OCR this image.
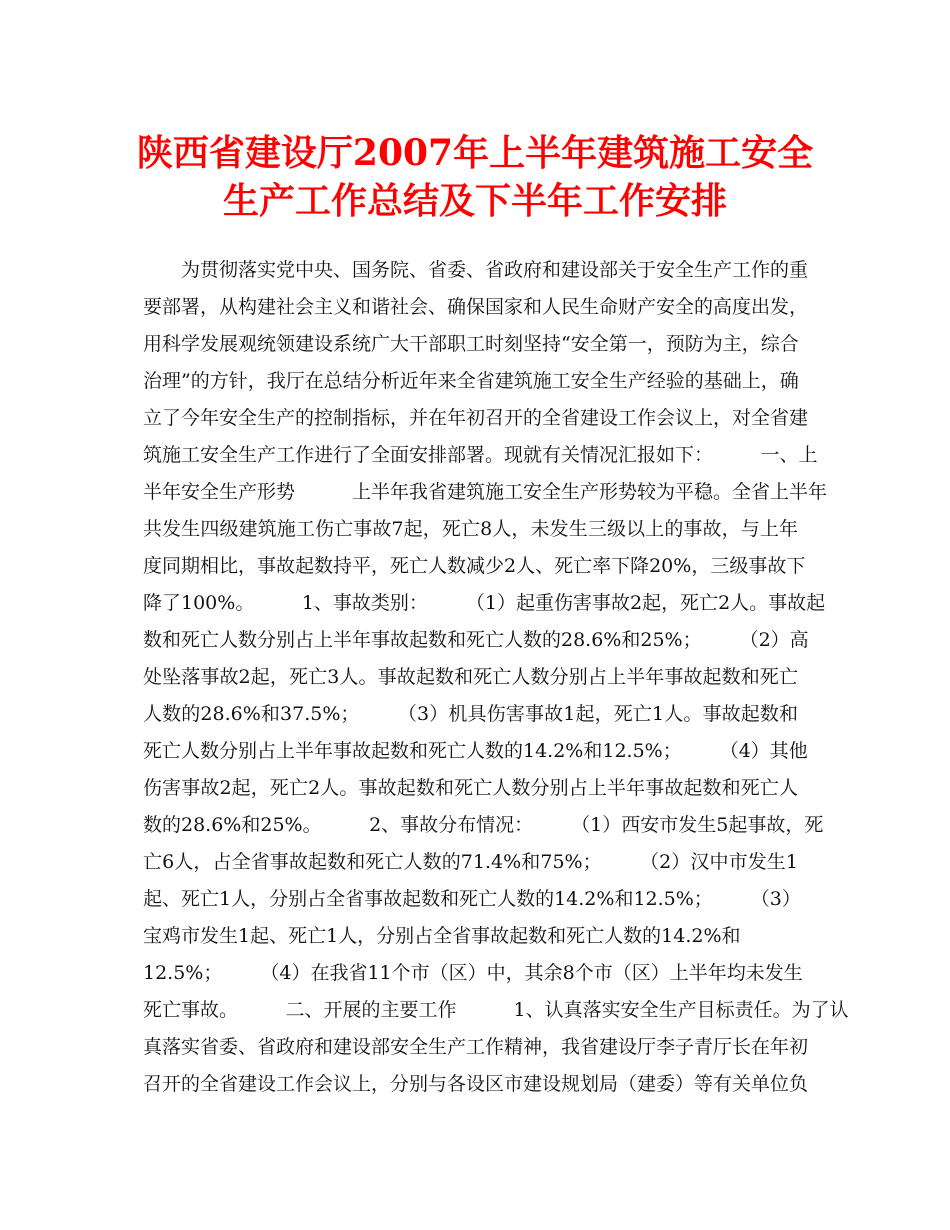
陕西省建设厅2007年上半年建筑施工安全
生产工作总结及下半年工作安排
　　为贯彻落实党中央、国务院、省委、省政府和建设部关于安全生产工作的重
要部署，从构建社会主义和谐社会、确保国家和人民生命财产安全的高度出发，
用科学发展观统领建设系统广大干部职工时刻坚持“安全第一，预防为主，综合
治理”的方针，我厅在总结分析近年来全省建筑施工安全生产经验的基础上，确
立了今年安全生产的控制指标，并在年初召开的全省建设工作会议上，对全省建
筑施工安全生产工作进行了全面安排部署。现就有关情况汇报如下：　　　一、上
半年安全生产形势　　　上半年我省建筑施工安全生产形势较为平稳。全省上半年
共发生四级建筑施工伤亡事故7起，死亡8人，未发生三级以上的事故，与上年
度同期相比，事故起数持平，死亡人数减少2人、死亡率下降20%，三级事故下
降了100%。　　　1、事故类别：　　　（1）起重伤害事故2起，死亡2人。事故起
数和死亡人数分别占上半年事故起数和死亡人数的28.6%和25%；　　　（2）高
处坠落事故2起，死亡3人。事故起数和死亡人数分别占上半年事故起数和死亡
人数的28.6%和37.5%；　　　（3）机具伤害事故1起，死亡1人。事故起数和
死亡人数分别占上半年事故起数和死亡人数的14.2%和12.5%；　　　（4）其他
伤害事故2起，死亡2人。事故起数和死亡人数分别占上半年事故起数和死亡人
数的28.6%和25%。　　　2、事故分布情况：　　　（1）西安市发生5起事故，死
亡6人，占全省事故起数和死亡人数的71.4%和75%；　　　（2）汉中市发生1
起、死亡1人，分别占全省事故起数和死亡人数的14.2%和12.5%；　　　（3）
宝鸡市发生1起、死亡1人，分别占全省事故起数和死亡人数的14.2%和
12.5%；　　　（4）在我省11个市（区）中，其余8个市（区）上半年均未发生
死亡事故。　　　二、开展的主要工作　　　1、认真落实安全生产目标责任。为了认
真落实省委、省政府和建设部安全生产工作精神，我省建设厅李子青厅长在年初
召开的全省建设工作会议上，分别与各设区市建设规划局（建委）等有关单位负
